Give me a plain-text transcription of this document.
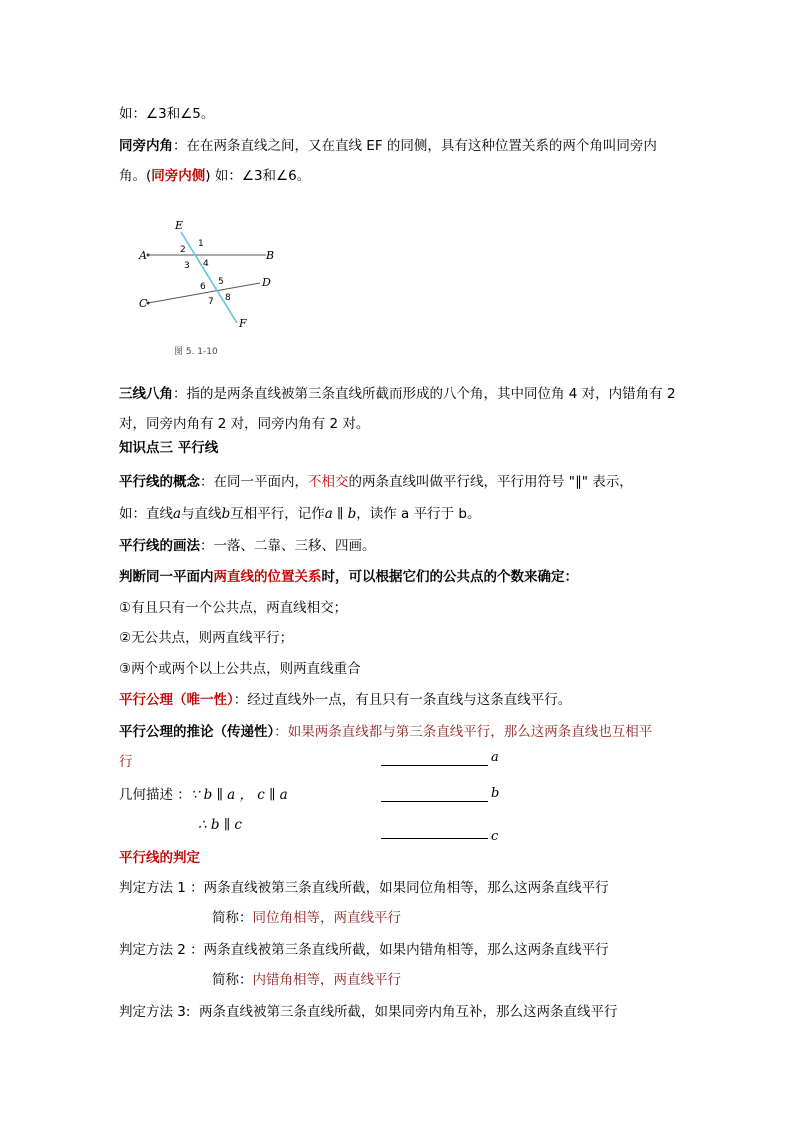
如：∠3和∠5。
同旁内角：在在两条直线之间，又在直线 EF 的同侧，具有这种位置关系的两个角叫同旁内
角。(同旁内侧) 如：∠3和∠6。
E
A	B
C
D
F
1
2
3 4
5
6
7 8
图 5. 1-10
三线八角：指的是两条直线被第三条直线所截而形成的八个角，其中同位角 4 对，内错角有 2
对，同旁内角有 2 对，同旁内角有 2 对。
知识点三 平行线
平行线的概念：在同一平面内，不相交的两条直线叫做平行线，平行用符号 "∥" 表示，
如：直线a与直线b互相平行，记作a ∥ b，读作 a 平行于 b。
平行线的画法：一落、二靠、三移、四画。
判断同一平面内两直线的位置关系时，可以根据它们的公共点的个数来确定：
①有且只有一个公共点，两直线相交；
②无公共点，则两直线平行；
③两个或两个以上公共点，则两直线重合
平行公理（唯一性）：经过直线外一点，有且只有一条直线与这条直线平行。
平行公理的推论（传递性）：如果两条直线都与第三条直线平行，那么这两条直线也互相平
行
几何描述 ：∵ b ∥ a ， c ∥ a
∴ b ∥ c
a
b
c
平行线的判定
判定方法 1 ：两条直线被第三条直线所截，如果同位角相等，那么这两条直线平行
简称：同位角相等，两直线平行
判定方法 2 ：两条直线被第三条直线所截，如果内错角相等，那么这两条直线平行
简称：内错角相等，两直线平行
判定方法 3:  两条直线被第三条直线所截，如果同旁内角互补，那么这两条直线平行
